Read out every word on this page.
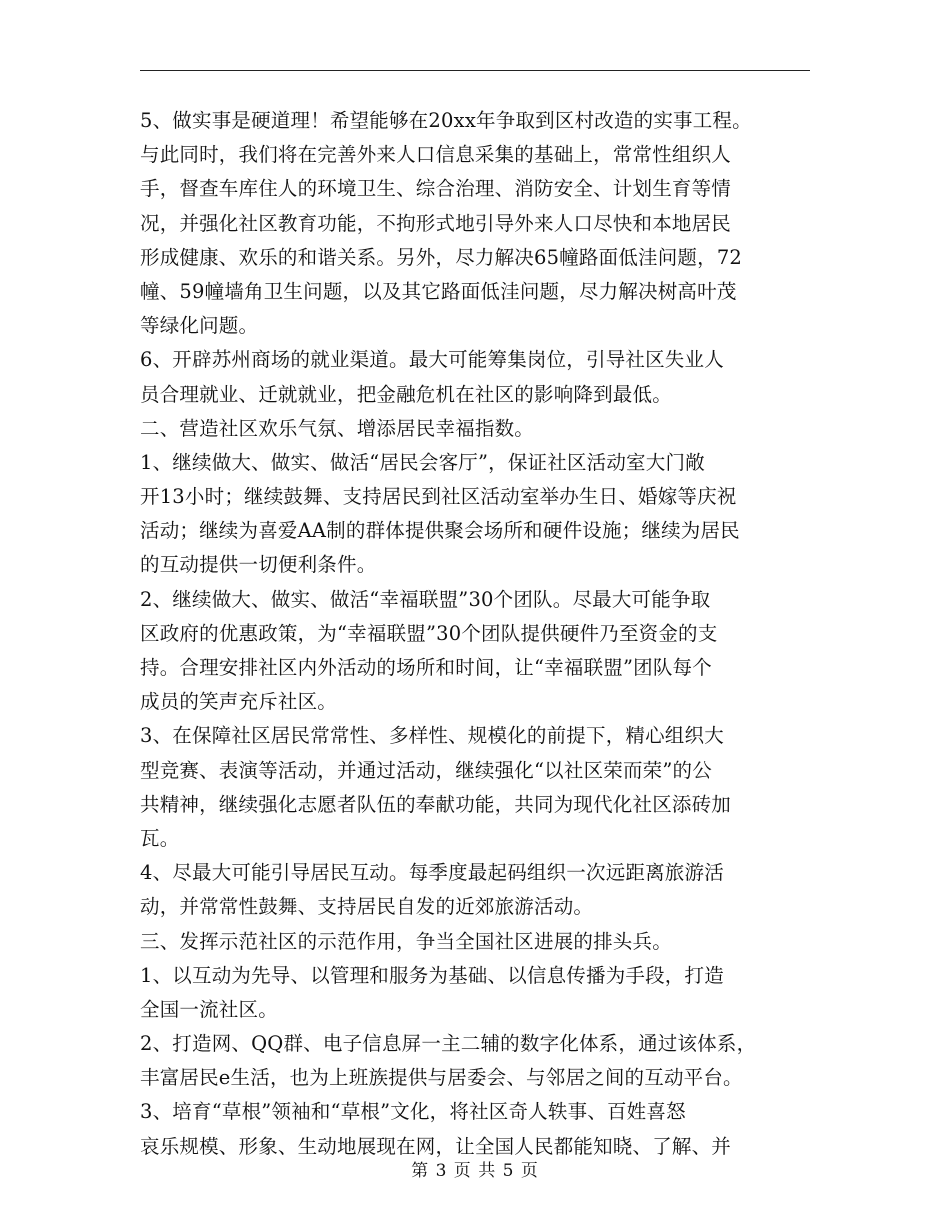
5、做实事是硬道理！希望能够在20xx年争取到区村改造的实事工程。
与此同时，我们将在完善外来人口信息采集的基础上，常常性组织人
手，督查车库住人的环境卫生、综合治理、消防安全、计划生育等情
况，并强化社区教育功能，不拘形式地引导外来人口尽快和本地居民
形成健康、欢乐的和谐关系。另外，尽力解决65幢路面低洼问题，72
幢、59幢墙角卫生问题，以及其它路面低洼问题，尽力解决树高叶茂
等绿化问题。
6、开辟苏州商场的就业渠道。最大可能筹集岗位，引导社区失业人
员合理就业、迁就就业，把金融危机在社区的影响降到最低。
二、营造社区欢乐气氛、增添居民幸福指数。
1、继续做大、做实、做活“居民会客厅”，保证社区活动室大门敞
开13小时；继续鼓舞、支持居民到社区活动室举办生日、婚嫁等庆祝
活动；继续为喜爱AA制的群体提供聚会场所和硬件设施；继续为居民
的互动提供一切便利条件。
2、继续做大、做实、做活“幸福联盟”30个团队。尽最大可能争取
区政府的优惠政策，为“幸福联盟”30个团队提供硬件乃至资金的支
持。合理安排社区内外活动的场所和时间，让“幸福联盟”团队每个
成员的笑声充斥社区。
3、在保障社区居民常常性、多样性、规模化的前提下，精心组织大
型竞赛、表演等活动，并通过活动，继续强化“以社区荣而荣”的公
共精神，继续强化志愿者队伍的奉献功能，共同为现代化社区添砖加
瓦。
4、尽最大可能引导居民互动。每季度最起码组织一次远距离旅游活
动，并常常性鼓舞、支持居民自发的近郊旅游活动。
三、发挥示范社区的示范作用，争当全国社区进展的排头兵。
1、以互动为先导、以管理和服务为基础、以信息传播为手段，打造
全国一流社区。
2、打造网、QQ群、电子信息屏一主二辅的数字化体系，通过该体系，
丰富居民e生活，也为上班族提供与居委会、与邻居之间的互动平台。
3、培育“草根”领袖和“草根”文化，将社区奇人轶事、百姓喜怒
哀乐规模、形象、生动地展现在网，让全国人民都能知晓、了解、并
第 3 页 共 5 页
